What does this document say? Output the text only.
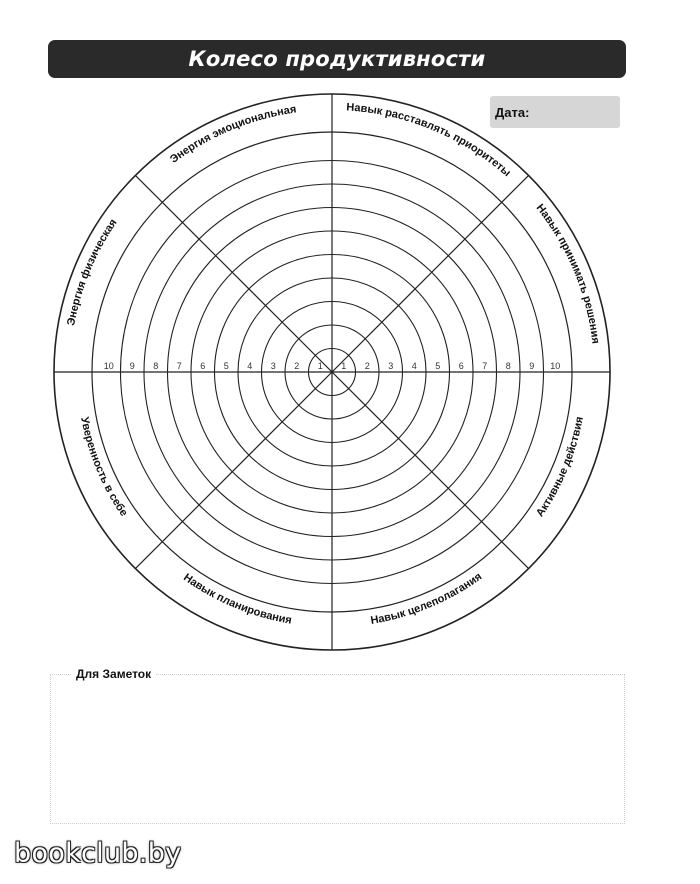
Колесо продуктивности
Дата:
1 2 3 4 5 6 7 8 9 10
10 9 8 7 6 5 4 3 2 1
Навык расставлять приоритеты
Навык принимать решения
Активные действия
Навык целеполагания
Навык планирования
Уверенность в себе
Энергия физическая
Энергия эмоциональная
Для Заметок
bookclub.by
